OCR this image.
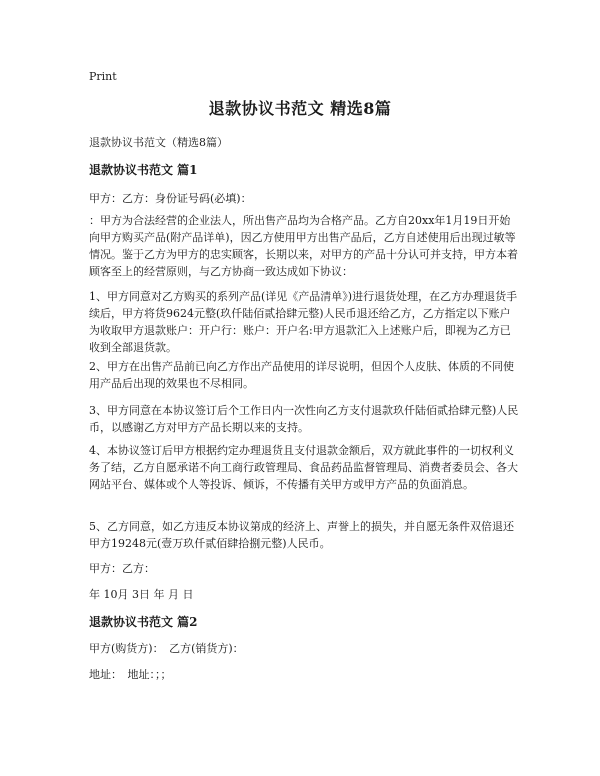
Print
退款协议书范文 精选8篇
退款协议书范文（精选8篇）
退款协议书范文 篇1
甲方：乙方：身份证号码(必填)：
：甲方为合法经营的企业法人，所出售产品均为合格产品。乙方自20xx年1月19日开始向甲方购买产品(附产品详单)，因乙方使用甲方出售产品后，乙方自述使用后出现过敏等情况。鉴于乙方为甲方的忠实顾客，长期以来，对甲方的产品十分认可并支持，甲方本着顾客至上的经营原则，与乙方协商一致达成如下协议：
1、甲方同意对乙方购买的系列产品(详见《产品清单》)进行退货处理，在乙方办理退货手续后，甲方将货9624元整(玖仟陆佰贰拾肆元整)人民币退还给乙方，乙方指定以下账户为收取甲方退款账户：开户行：账户：开户名:甲方退款汇入上述账户后，即视为乙方已收到全部退货款。
2、甲方在出售产品前已向乙方作出产品使用的详尽说明，但因个人皮肤、体质的不同使用产品后出现的效果也不尽相同。
3、甲方同意在本协议签订后个工作日内一次性向乙方支付退款玖仟陆佰贰拾肆元整)人民币，以感谢乙方对甲方产品长期以来的支持。
4、本协议签订后甲方根据约定办理退货且支付退款金额后，双方就此事件的一切权利义务了结，乙方自愿承诺不向工商行政管理局、食品药品监督管理局、消费者委员会、各大网站平台、媒体或个人等投诉、倾诉，不传播有关甲方或甲方产品的负面消息。
5、乙方同意，如乙方违反本协议第成的经济上、声誉上的损失，并自愿无条件双倍退还甲方19248元(壹万玖仟贰佰肆拾捌元整)人民币。
甲方：乙方：
年 10月 3日 年 月 日
退款协议书范文 篇2
甲方(购货方)：　乙方(销货方)：
地址：　地址：；；
